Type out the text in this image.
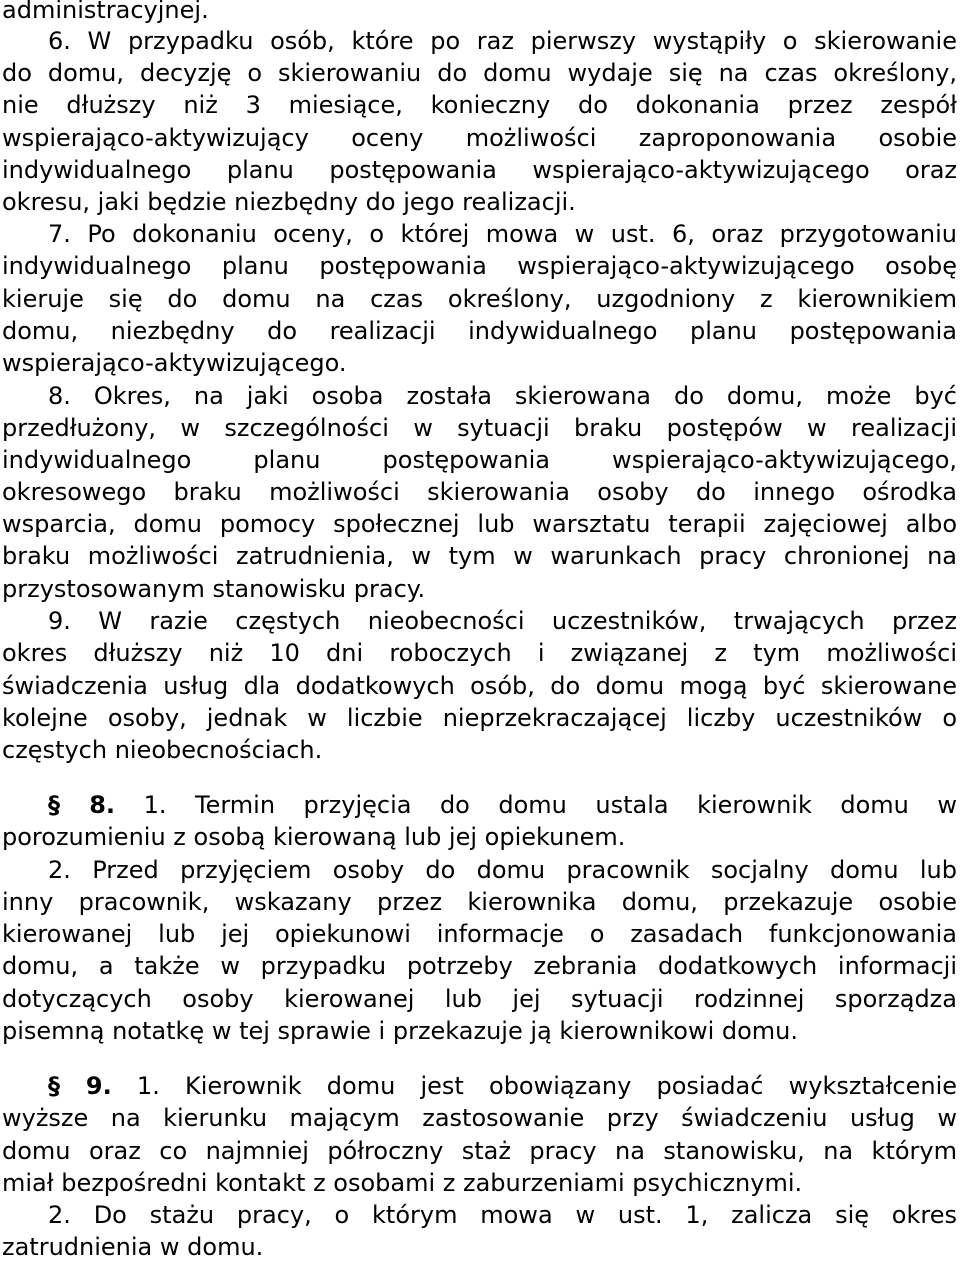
administracyjnej.
6. W przypadku osób, które po raz pierwszy wystąpiły o skierowanie
do domu, decyzję o skierowaniu do domu wydaje się na czas określony,
nie dłuższy niż 3 miesiące, konieczny do dokonania przez zespół
wspierająco-aktywizujący oceny możliwości zaproponowania osobie
indywidualnego planu postępowania wspierająco-aktywizującego oraz
okresu, jaki będzie niezbędny do jego realizacji.
7. Po dokonaniu oceny, o której mowa w ust. 6, oraz przygotowaniu
indywidualnego planu postępowania wspierająco-aktywizującego osobę
kieruje się do domu na czas określony, uzgodniony z kierownikiem
domu, niezbędny do realizacji indywidualnego planu postępowania
wspierająco-aktywizującego.
8. Okres, na jaki osoba została skierowana do domu, może być
przedłużony, w szczególności w sytuacji braku postępów w realizacji
indywidualnego planu postępowania wspierająco-aktywizującego,
okresowego braku możliwości skierowania osoby do innego ośrodka
wsparcia, domu pomocy społecznej lub warsztatu terapii zajęciowej albo
braku możliwości zatrudnienia, w tym w warunkach pracy chronionej na
przystosowanym stanowisku pracy.
9. W razie częstych nieobecności uczestników, trwających przez
okres dłuższy niż 10 dni roboczych i związanej z tym możliwości
świadczenia usług dla dodatkowych osób, do domu mogą być skierowane
kolejne osoby, jednak w liczbie nieprzekraczającej liczby uczestników o
częstych nieobecnościach.
§ 8. 1. Termin przyjęcia do domu ustala kierownik domu w
porozumieniu z osobą kierowaną lub jej opiekunem.
2. Przed przyjęciem osoby do domu pracownik socjalny domu lub
inny pracownik, wskazany przez kierownika domu, przekazuje osobie
kierowanej lub jej opiekunowi informacje o zasadach funkcjonowania
domu, a także w przypadku potrzeby zebrania dodatkowych informacji
dotyczących osoby kierowanej lub jej sytuacji rodzinnej sporządza
pisemną notatkę w tej sprawie i przekazuje ją kierownikowi domu.
§ 9. 1. Kierownik domu jest obowiązany posiadać wykształcenie
wyższe na kierunku mającym zastosowanie przy świadczeniu usług w
domu oraz co najmniej półroczny staż pracy na stanowisku, na którym
miał bezpośredni kontakt z osobami z zaburzeniami psychicznymi.
2. Do stażu pracy, o którym mowa w ust. 1, zalicza się okres
zatrudnienia w domu.
